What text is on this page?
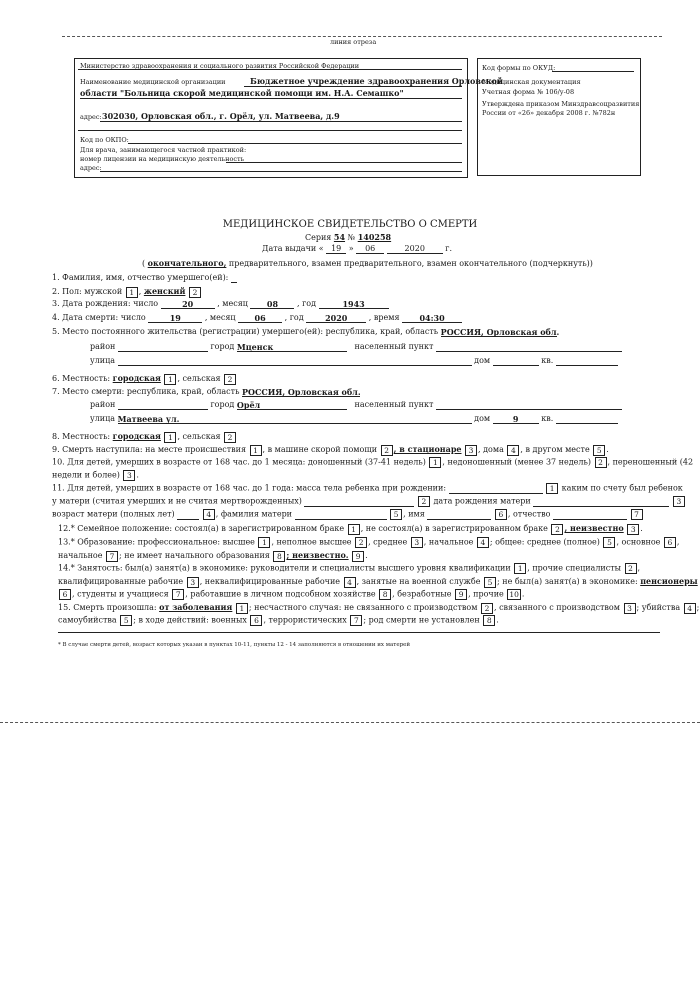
линия отреза
Министерство здравоохранения и социального развития Российской Федерации
Наименование медицинской организации	Бюджетное учреждение здравоохранения Орловской
области "Больница скорой медицинской помощи им. Н.А. Семашко"
адрес: 302030, Орловская обл., г. Орёл, ул. Матвеева, д.9
Код по ОКПО:
Для врача, занимающегося частной практикой:
номер лицензии на медицинскую деятельность
адрес:
Код формы по ОКУД:
Медицинская документация
Учетная форма № 106/у-08
Утверждена приказом Минздравсоцразвития
России от «26» декабря 2008 г. №782н
МЕДИЦИНСКОЕ СВИДЕТЕЛЬСТВО О СМЕРТИ
Серия 54 № 140258
Дата выдачи « 19 » 06	2020	г.
( окончательного, предварительного, взамен предварительного, взамен окончательного (подчеркнуть))
1. Фамилия, имя, отчество умершего(ей):
2. Пол: мужской 1 , женский 2
3. Дата рождения: число	20	, месяц 08 , год	1943
4. Дата смерти: число	19	, месяц 06 , год	2020	, время 04:30
5. Место постоянного жительства (регистрации) умершего(ей): республика, край, область РОССИЯ, Орловская обл.
район	город Мценск	населенный пункт
улица	дом	кв.
6. Местность: городская 1 , сельская 2
7. Место смерти: республика, край, область РОССИЯ, Орловская обл.
район	город Орёл	населенный пункт
улица Матвеева ул.	дом	9	кв.
8. Местность: городская 1 , сельская 2
9. Смерть наступила: на месте происшествия 1 , в машине скорой помощи 2 , в стационаре 3 , дома 4 , в другом месте 5 .
10. Для детей, умерших в возрасте от 168 час. до 1 месяца: доношенный (37-41 недель) 1 , недоношенный (менее 37 недель) 2 , переношенный (42
недели и более) 3 .
11. Для детей, умерших в возрасте от 168 час. до 1 года: масса тела ребенка при рождении:	1 каким по счету был ребенок
у матери (считая умерших и не считая мертворожденных)	2 дата рождения матери	3
возраст матери (полных лет)	4 , фамилия матери	5 , имя	6 , отчество	7
12.* Семейное положение: состоял(а) в зарегистрированном браке 1 , не состоял(а) в зарегистрированном браке 2 , неизвестно 3 .
13.* Образование: профессиональное: высшее 1 , неполное высшее 2 , среднее 3 , начальное 4 ; общее: среднее (полное) 5 , основное 6 ,
начальное 7 ; не имеет начального образования 8 ; неизвестно. 9 .
14.* Занятость: был(а) занят(а) в экономике: руководители и специалисты высшего уровня квалификации 1 , прочие специалисты 2 ,
квалифицированные рабочие 3 , неквалифицированные рабочие 4 , занятые на военной службе 5 ; не был(а) занят(а) в экономике: пенсионеры
6 , студенты и учащиеся 7 , работавшие в личном подсобном хозяйстве 8 , безработные 9 , прочие 10 .
15. Смерть произошла: от заболевания 1 ; несчастного случая: не связанного с производством 2 , связанного с производством 3 ; убийства 4 ;
самоубийства 5 ; в ходе действий: военных 6 , террористических 7 ; род смерти не установлен 8 .
* В случае смерти детей, возраст которых указан в пунктах 10-11, пункты 12 - 14 заполняются в отношении их матерей
